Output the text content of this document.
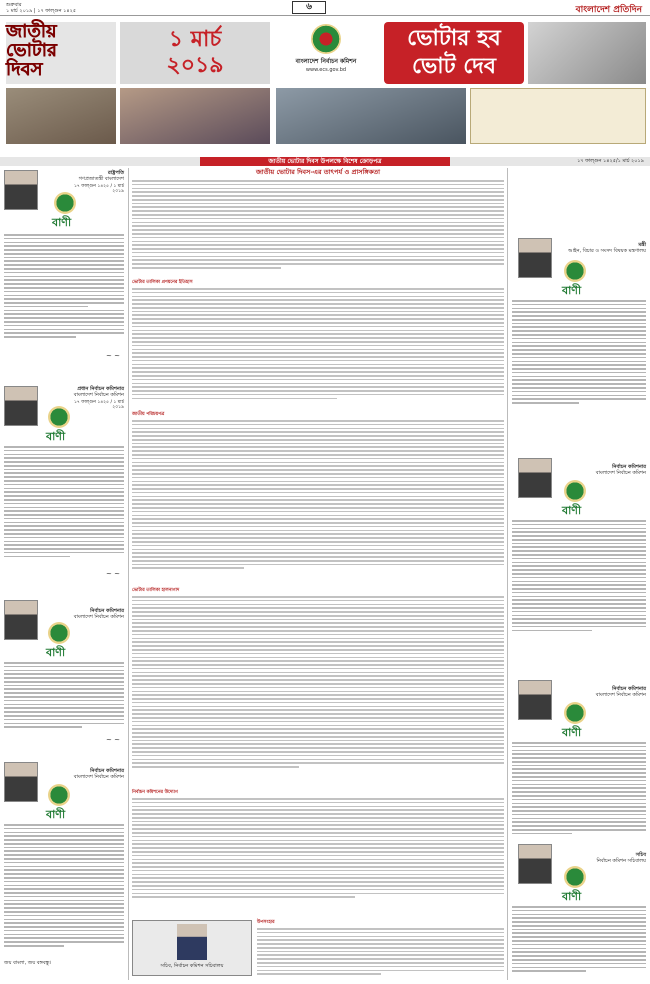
শুক্রবার
১ মার্চ ২০১৯ | ১৭ ফাল্গুন ১৪২৫	৬	বাংলাদেশ প্রতিদিন
জাতীয়
ভোটার
দিবস
১ মার্চ
২০১৯	বাংলাদেশ নির্বাচন কমিশন
www.ecs.gov.bd
ভোটার হব
ভোট দেব
জাতীয় ভোটার দিবস উপলক্ষে বিশেষ ক্রোড়পত্র	১৭ ফাল্গুন ১৪২৫/১ মার্চ ২০১৯
রাষ্ট্রপতি
গণপ্রজাতন্ত্রী বাংলাদেশ
১৭ ফাল্গুন ১৪২৫ / ১ মার্চ ২০১৯
বাণী
~ ~
প্রধান নির্বাচন কমিশনার
বাংলাদেশ নির্বাচন কমিশন
১৭ ফাল্গুন ১৪২৫ / ১ মার্চ ২০১৯
বাণী
~ ~
নির্বাচন কমিশনার
বাংলাদেশ নির্বাচন কমিশন
বাণী
~ ~
নির্বাচন কমিশনার
বাংলাদেশ নির্বাচন কমিশন
বাণী
জয় বাংলা, জয় বঙ্গবন্ধু।
জাতীয় ভোটার দিবস-এর তাৎপর্য ও প্রাসঙ্গিকতা
ভোটার তালিকা প্রণয়নের ইতিহাস
জাতীয় পরিচয়পত্র
ভোটার তালিকা হালনাগাদ
নির্বাচন কমিশনের উদ্যোগ
সচিব, নির্বাচন কমিশন সচিবালয়
উপসংহার
মন্ত্রী
আইন, বিচার ও সংসদ বিষয়ক মন্ত্রণালয়
বাণী
নির্বাচন কমিশনার
বাংলাদেশ নির্বাচন কমিশন
বাণী
নির্বাচন কমিশনার
বাংলাদেশ নির্বাচন কমিশন
বাণী
সচিব
নির্বাচন কমিশন সচিবালয়
বাণী
